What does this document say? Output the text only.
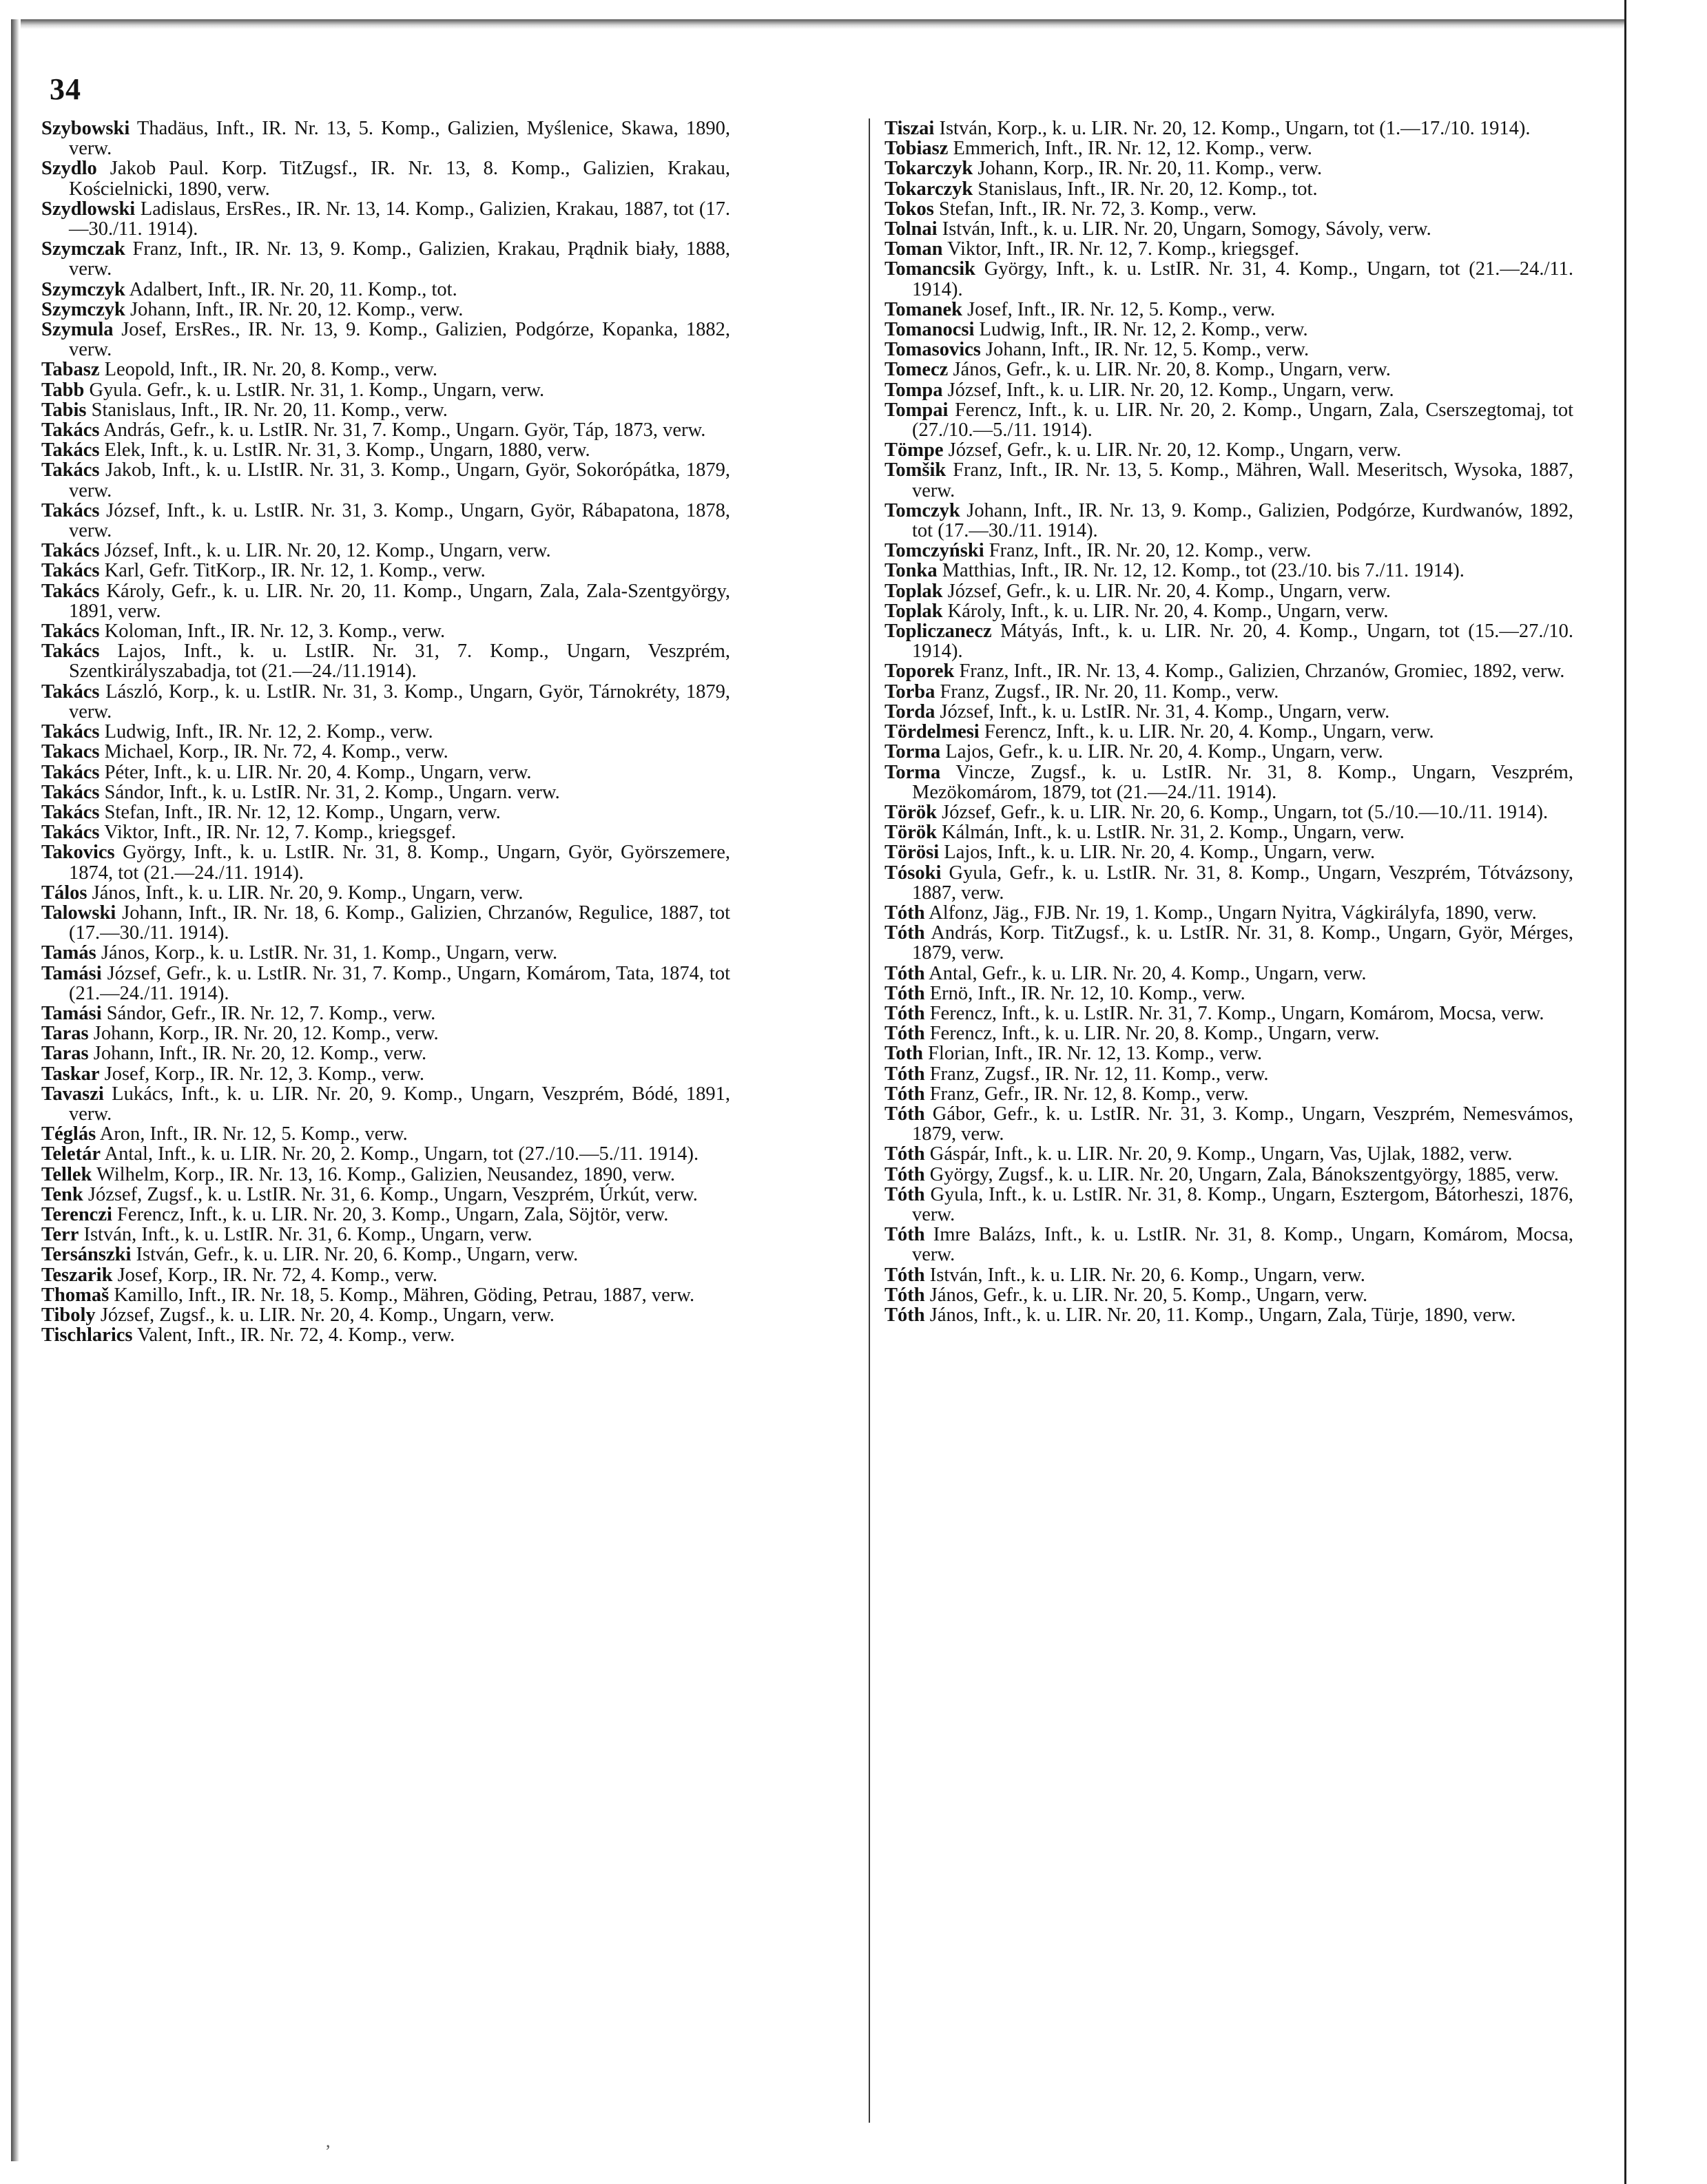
34

Szybowski Thadäus, Inft., IR. Nr. 13, 5. Komp., Galizien, Myślenice, Skawa, 1890, verw.

Szydlo Jakob Paul. Korp. TitZugsf., IR. Nr. 13, 8. Komp., Galizien, Krakau, Kościelnicki, 1890, verw.

Szydlowski Ladislaus, ErsRes., IR. Nr. 13, 14. Komp., Galizien, Krakau, 1887, tot (17.—30./11. 1914).

Szymczak Franz, Inft., IR. Nr. 13, 9. Komp., Galizien, Krakau, Prądnik biały, 1888, verw.

Szymczyk Adalbert, Inft., IR. Nr. 20, 11. Komp., tot.

Szymczyk Johann, Inft., IR. Nr. 20, 12. Komp., verw.

Szymula Josef, ErsRes., IR. Nr. 13, 9. Komp., Galizien, Podgórze, Kopanka, 1882, verw.

Tabasz Leopold, Inft., IR. Nr. 20, 8. Komp., verw.

Tabb Gyula. Gefr., k. u. LstIR. Nr. 31, 1. Komp., Ungarn, verw.

Tabis Stanislaus, Inft., IR. Nr. 20, 11. Komp., verw.

Takács András, Gefr., k. u. LstIR. Nr. 31, 7. Komp., Ungarn. Györ, Táp, 1873, verw.

Takács Elek, Inft., k. u. LstIR. Nr. 31, 3. Komp., Ungarn, 1880, verw.

Takács Jakob, Inft., k. u. LIstIR. Nr. 31, 3. Komp., Ungarn, Györ, Sokorópátka, 1879, verw.

Takács József, Inft., k. u. LstIR. Nr. 31, 3. Komp., Ungarn, Györ, Rábapatona, 1878, verw.

Takács József, Inft., k. u. LIR. Nr. 20, 12. Komp., Ungarn, verw.

Takács Karl, Gefr. TitKorp., IR. Nr. 12, 1. Komp., verw.

Takács Károly, Gefr., k. u. LIR. Nr. 20, 11. Komp., Ungarn, Zala, Zala-Szentgyörgy, 1891, verw.

Takács Koloman, Inft., IR. Nr. 12, 3. Komp., verw.

Takács Lajos, Inft., k. u. LstIR. Nr. 31, 7. Komp., Ungarn, Veszprém, Szentkirályszabadja, tot (21.—24./11.1914).

Takács László, Korp., k. u. LstIR. Nr. 31, 3. Komp., Ungarn, Györ, Tárnokréty, 1879, verw.

Takács Ludwig, Inft., IR. Nr. 12, 2. Komp., verw.

Takacs Michael, Korp., IR. Nr. 72, 4. Komp., verw.

Takács Péter, Inft., k. u. LIR. Nr. 20, 4. Komp., Ungarn, verw.

Takács Sándor, Inft., k. u. LstIR. Nr. 31, 2. Komp., Ungarn. verw.

Takács Stefan, Inft., IR. Nr. 12, 12. Komp., Ungarn, verw.

Takács Viktor, Inft., IR. Nr. 12, 7. Komp., kriegsgef.

Takovics György, Inft., k. u. LstIR. Nr. 31, 8. Komp., Ungarn, Györ, Györszemere, 1874, tot (21.—24./11. 1914).

Tálos János, Inft., k. u. LIR. Nr. 20, 9. Komp., Ungarn, verw.

Talowski Johann, Inft., IR. Nr. 18, 6. Komp., Galizien, Chrzanów, Regulice, 1887, tot (17.—30./11. 1914).

Tamás János, Korp., k. u. LstIR. Nr. 31, 1. Komp., Ungarn, verw.

Tamási József, Gefr., k. u. LstIR. Nr. 31, 7. Komp., Ungarn, Komárom, Tata, 1874, tot (21.—24./11. 1914).

Tamási Sándor, Gefr., IR. Nr. 12, 7. Komp., verw.

Taras Johann, Korp., IR. Nr. 20, 12. Komp., verw.

Taras Johann, Inft., IR. Nr. 20, 12. Komp., verw.

Taskar Josef, Korp., IR. Nr. 12, 3. Komp., verw.

Tavaszi Lukács, Inft., k. u. LIR. Nr. 20, 9. Komp., Ungarn, Veszprém, Bódé, 1891, verw.

Téglás Aron, Inft., IR. Nr. 12, 5. Komp., verw.

Teletár Antal, Inft., k. u. LIR. Nr. 20, 2. Komp., Ungarn, tot (27./10.—5./11. 1914).

Tellek Wilhelm, Korp., IR. Nr. 13, 16. Komp., Galizien, Neusandez, 1890, verw.

Tenk József, Zugsf., k. u. LstIR. Nr. 31, 6. Komp., Ungarn, Veszprém, Úrkút, verw.

Terenczi Ferencz, Inft., k. u. LIR. Nr. 20, 3. Komp., Ungarn, Zala, Söjtör, verw.

Terr István, Inft., k. u. LstIR. Nr. 31, 6. Komp., Ungarn, verw.

Tersánszki István, Gefr., k. u. LIR. Nr. 20, 6. Komp., Ungarn, verw.

Teszarik Josef, Korp., IR. Nr. 72, 4. Komp., verw.

Thomaš Kamillo, Inft., IR. Nr. 18, 5. Komp., Mähren, Göding, Petrau, 1887, verw.

Tiboly József, Zugsf., k. u. LIR. Nr. 20, 4. Komp., Ungarn, verw.

Tischlarics Valent, Inft., IR. Nr. 72, 4. Komp., verw.

Tiszai István, Korp., k. u. LIR. Nr. 20, 12. Komp., Ungarn, tot (1.—17./10. 1914).

Tobiasz Emmerich, Inft., IR. Nr. 12, 12. Komp., verw.

Tokarczyk Johann, Korp., IR. Nr. 20, 11. Komp., verw.

Tokarczyk Stanislaus, Inft., IR. Nr. 20, 12. Komp., tot.

Tokos Stefan, Inft., IR. Nr. 72, 3. Komp., verw.

Tolnai István, Inft., k. u. LIR. Nr. 20, Ungarn, Somogy, Sávoly, verw.

Toman Viktor, Inft., IR. Nr. 12, 7. Komp., kriegsgef.

Tomancsik György, Inft., k. u. LstIR. Nr. 31, 4. Komp., Ungarn, tot (21.—24./11. 1914).

Tomanek Josef, Inft., IR. Nr. 12, 5. Komp., verw.

Tomanocsi Ludwig, Inft., IR. Nr. 12, 2. Komp., verw.

Tomasovics Johann, Inft., IR. Nr. 12, 5. Komp., verw.

Tomecz János, Gefr., k. u. LIR. Nr. 20, 8. Komp., Ungarn, verw.

Tompa József, Inft., k. u. LIR. Nr. 20, 12. Komp., Ungarn, verw.

Tompai Ferencz, Inft., k. u. LIR. Nr. 20, 2. Komp., Ungarn, Zala, Cserszegtomaj, tot (27./10.—5./11. 1914).

Tömpe József, Gefr., k. u. LIR. Nr. 20, 12. Komp., Ungarn, verw.

Tomšik Franz, Inft., IR. Nr. 13, 5. Komp., Mähren, Wall. Meseritsch, Wysoka, 1887, verw.

Tomczyk Johann, Inft., IR. Nr. 13, 9. Komp., Galizien, Podgórze, Kurdwanów, 1892, tot (17.—30./11. 1914).

Tomczyński Franz, Inft., IR. Nr. 20, 12. Komp., verw.

Tonka Matthias, Inft., IR. Nr. 12, 12. Komp., tot (23./10. bis 7./11. 1914).

Toplak József, Gefr., k. u. LIR. Nr. 20, 4. Komp., Ungarn, verw.

Toplak Károly, Inft., k. u. LIR. Nr. 20, 4. Komp., Ungarn, verw.

Topliczanecz Mátyás, Inft., k. u. LIR. Nr. 20, 4. Komp., Ungarn, tot (15.—27./10. 1914).

Toporek Franz, Inft., IR. Nr. 13, 4. Komp., Galizien, Chrzanów, Gromiec, 1892, verw.

Torba Franz, Zugsf., IR. Nr. 20, 11. Komp., verw.

Torda József, Inft., k. u. LstIR. Nr. 31, 4. Komp., Ungarn, verw.

Tördelmesi Ferencz, Inft., k. u. LIR. Nr. 20, 4. Komp., Ungarn, verw.

Torma Lajos, Gefr., k. u. LIR. Nr. 20, 4. Komp., Ungarn, verw.

Torma Vincze, Zugsf., k. u. LstIR. Nr. 31, 8. Komp., Ungarn, Veszprém, Mezökomárom, 1879, tot (21.—24./11. 1914).

Török József, Gefr., k. u. LIR. Nr. 20, 6. Komp., Ungarn, tot (5./10.—10./11. 1914).

Török Kálmán, Inft., k. u. LstIR. Nr. 31, 2. Komp., Ungarn, verw.

Törösi Lajos, Inft., k. u. LIR. Nr. 20, 4. Komp., Ungarn, verw.

Tósoki Gyula, Gefr., k. u. LstIR. Nr. 31, 8. Komp., Ungarn, Veszprém, Tótvázsony, 1887, verw.

Tóth Alfonz, Jäg., FJB. Nr. 19, 1. Komp., Ungarn Nyitra, Vágkirályfa, 1890, verw.

Tóth András, Korp. TitZugsf., k. u. LstIR. Nr. 31, 8. Komp., Ungarn, Györ, Mérges, 1879, verw.

Tóth Antal, Gefr., k. u. LIR. Nr. 20, 4. Komp., Ungarn, verw.

Tóth Ernö, Inft., IR. Nr. 12, 10. Komp., verw.

Tóth Ferencz, Inft., k. u. LstIR. Nr. 31, 7. Komp., Ungarn, Komárom, Mocsa, verw.

Tóth Ferencz, Inft., k. u. LIR. Nr. 20, 8. Komp., Ungarn, verw.

Toth Florian, Inft., IR. Nr. 12, 13. Komp., verw.

Tóth Franz, Zugsf., IR. Nr. 12, 11. Komp., verw.

Tóth Franz, Gefr., IR. Nr. 12, 8. Komp., verw.

Tóth Gábor, Gefr., k. u. LstIR. Nr. 31, 3. Komp., Ungarn, Veszprém, Nemesvámos, 1879, verw.

Tóth Gáspár, Inft., k. u. LIR. Nr. 20, 9. Komp., Ungarn, Vas, Ujlak, 1882, verw.

Tóth György, Zugsf., k. u. LIR. Nr. 20, Ungarn, Zala, Bánokszentgyörgy, 1885, verw.

Tóth Gyula, Inft., k. u. LstIR. Nr. 31, 8. Komp., Ungarn, Esztergom, Bátorheszi, 1876, verw.

Tóth Imre Balázs, Inft., k. u. LstIR. Nr. 31, 8. Komp., Ungarn, Komárom, Mocsa, verw.

Tóth István, Inft., k. u. LIR. Nr. 20, 6. Komp., Ungarn, verw.

Tóth János, Gefr., k. u. LIR. Nr. 20, 5. Komp., Ungarn, verw.

Tóth János, Inft., k. u. LIR. Nr. 20, 11. Komp., Ungarn, Zala, Türje, 1890, verw.

,
